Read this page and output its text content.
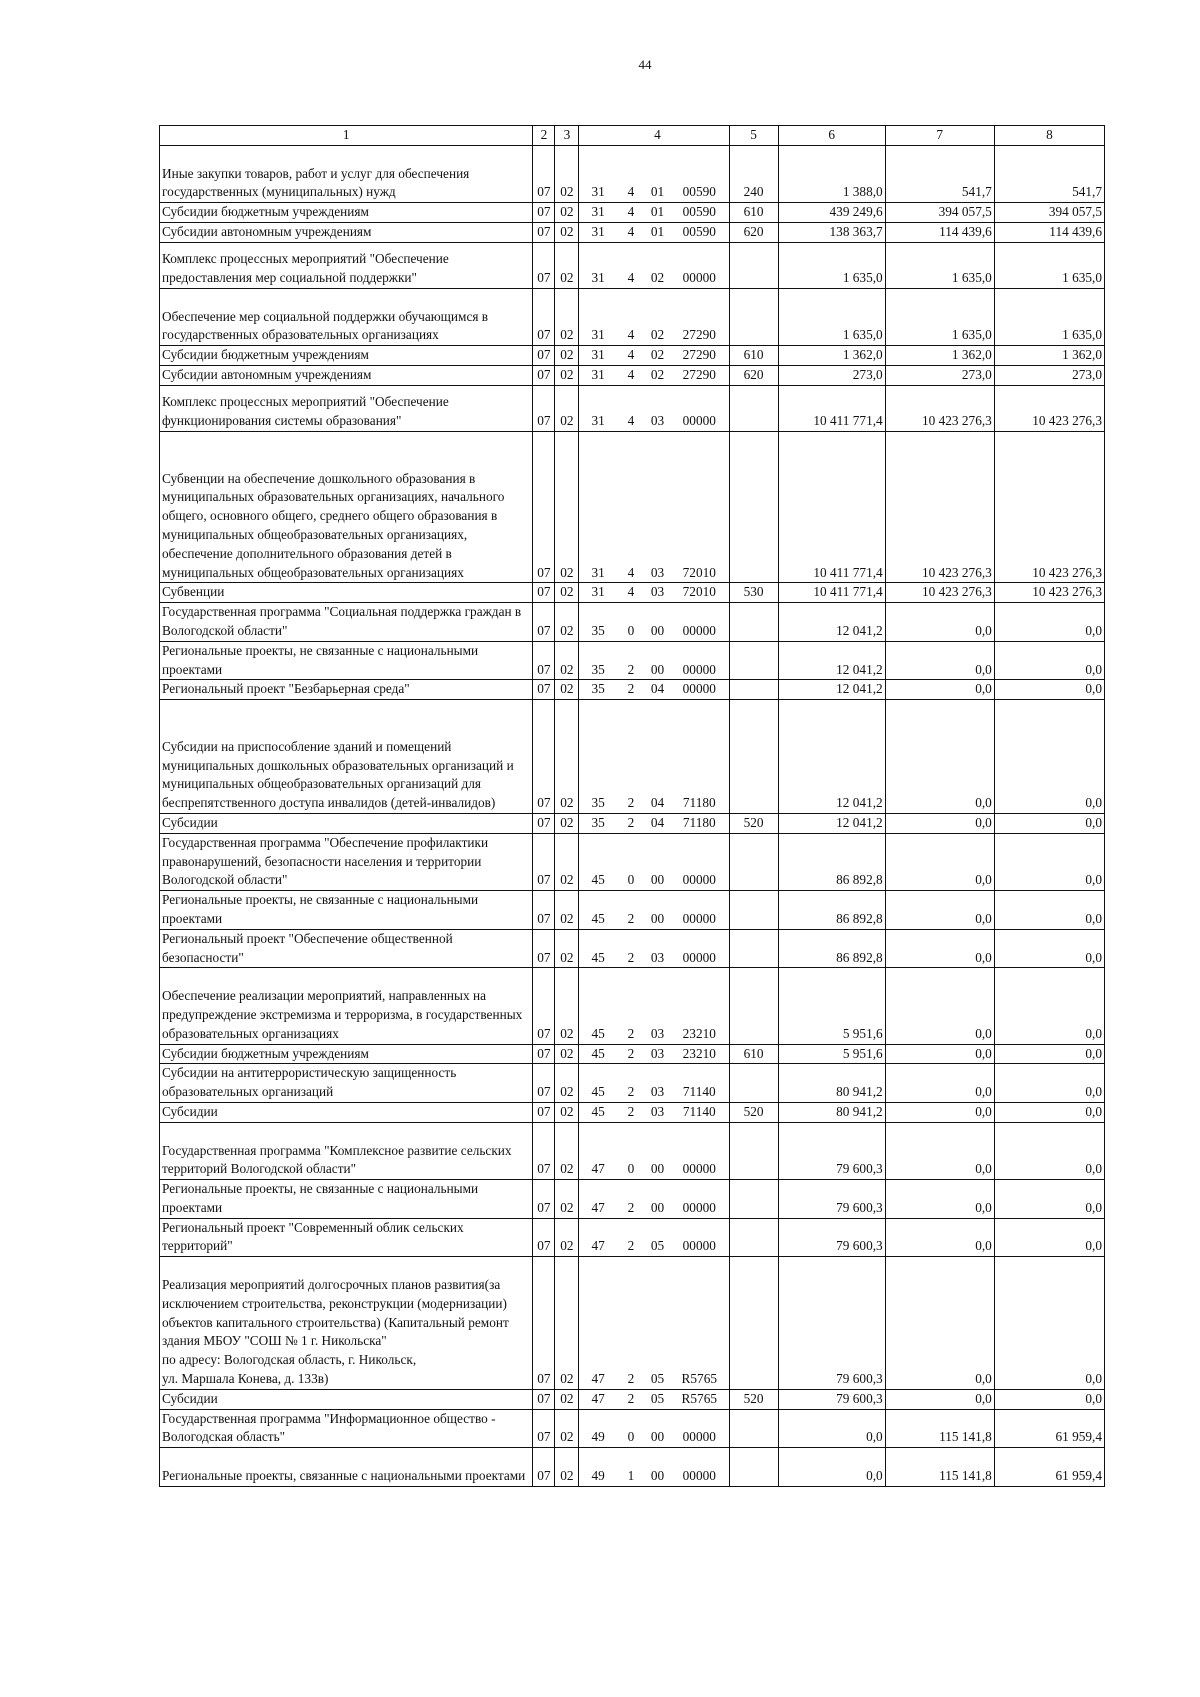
44
1	2	3			4		5	6	7	8
Иные закупки товаров, работ и услуг для обеспечения государственных (муниципальных) нужд	07	02	31	4	01	00590	240	1 388,0	541,7	541,7
Субсидии бюджетным учреждениям	07	02	31	4	01	00590	610	439 249,6	394 057,5	394 057,5
Субсидии автономным учреждениям	07	02	31	4	01	00590	620	138 363,7	114 439,6	114 439,6
Комплекс процессных мероприятий "Обеспечение предоставления мер социальной поддержки"	07	02	31	4	02	00000		1 635,0	1 635,0	1 635,0
Обеспечение мер социальной поддержки обучающимся в государственных образовательных организациях	07	02	31	4	02	27290		1 635,0	1 635,0	1 635,0
Субсидии бюджетным учреждениям	07	02	31	4	02	27290	610	1 362,0	1 362,0	1 362,0
Субсидии автономным учреждениям	07	02	31	4	02	27290	620	273,0	273,0	273,0
Комплекс процессных мероприятий "Обеспечение функционирования системы образования"	07	02	31	4	03	00000		10 411 771,4	10 423 276,3	10 423 276,3
Субвенции на обеспечение дошкольного образования в муниципальных образовательных организациях, начального общего, основного общего, среднего общего образования в муниципальных общеобразовательных организациях, обеспечение дополнительного образования детей в муниципальных общеобразовательных организациях	07	02	31	4	03	72010		10 411 771,4	10 423 276,3	10 423 276,3
Субвенции	07	02	31	4	03	72010	530	10 411 771,4	10 423 276,3	10 423 276,3
Государственная программа "Социальная поддержка граждан в Вологодской области"	07	02	35	0	00	00000		12 041,2	0,0	0,0
Региональные проекты, не связанные с национальными проектами	07	02	35	2	00	00000		12 041,2	0,0	0,0
Региональный проект "Безбарьерная среда"	07	02	35	2	04	00000		12 041,2	0,0	0,0
Субсидии на приспособление зданий и помещений муниципальных дошкольных образовательных организаций и муниципальных общеобразовательных организаций для беспрепятственного доступа инвалидов (детей-инвалидов)	07	02	35	2	04	71180		12 041,2	0,0	0,0
Субсидии	07	02	35	2	04	71180	520	12 041,2	0,0	0,0
Государственная программа "Обеспечение профилактики правонарушений, безопасности населения и территории Вологодской области"	07	02	45	0	00	00000		86 892,8	0,0	0,0
Региональные проекты, не связанные с национальными проектами	07	02	45	2	00	00000		86 892,8	0,0	0,0
Региональный проект "Обеспечение общественной безопасности"	07	02	45	2	03	00000		86 892,8	0,0	0,0
Обеспечение реализации мероприятий, направленных на предупреждение экстремизма и терроризма, в государственных образовательных организациях	07	02	45	2	03	23210		5 951,6	0,0	0,0
Субсидии бюджетным учреждениям	07	02	45	2	03	23210	610	5 951,6	0,0	0,0
Субсидии на антитеррористическую защищенность образовательных организаций	07	02	45	2	03	71140		80 941,2	0,0	0,0
Субсидии	07	02	45	2	03	71140	520	80 941,2	0,0	0,0
Государственная программа "Комплексное развитие сельских территорий Вологодской области"	07	02	47	0	00	00000		79 600,3	0,0	0,0
Региональные проекты, не связанные с национальными проектами	07	02	47	2	00	00000		79 600,3	0,0	0,0
Региональный проект "Современный облик сельских территорий"	07	02	47	2	05	00000		79 600,3	0,0	0,0
Реализация мероприятий долгосрочных планов развития(за исключением строительства, реконструкции (модернизации) объектов капитального строительства) (Капитальный ремонт здания МБОУ "СОШ № 1 г. Никольска"
по адресу: Вологодская область, г. Никольск,
ул. Маршала Конева, д. 133в)	07	02	47	2	05	R5765		79 600,3	0,0	0,0
Субсидии	07	02	47	2	05	R5765	520	79 600,3	0,0	0,0
Государственная программа "Информационное общество - Вологодская область"	07	02	49	0	00	00000		0,0	115 141,8	61 959,4
Региональные проекты, связанные с национальными проектами	07	02	49	1	00	00000		0,0	115 141,8	61 959,4
